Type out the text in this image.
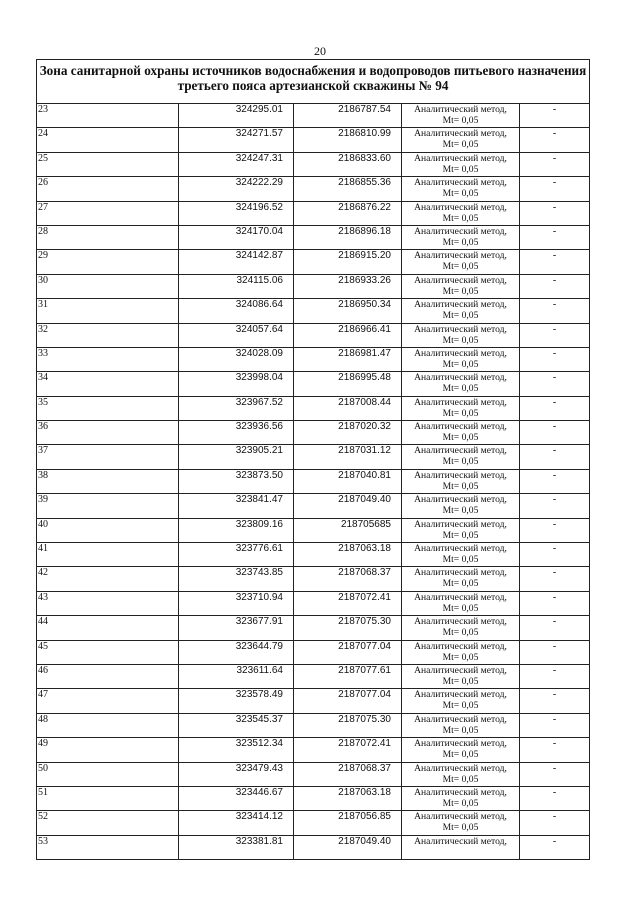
20
Зона санитарной охраны источников водоснабжения и водопроводов питьевого назначения
третьего пояса артезианской скважины № 94				

23	324295.01	2186787.54	Аналитический метод,
Mt= 0,05	-
24	324271.57	2186810.99	Аналитический метод,
Mt= 0,05	-
25	324247.31	2186833.60	Аналитический метод,
Mt= 0,05	-
26	324222.29	2186855.36	Аналитический метод,
Mt= 0,05	-
27	324196.52	2186876.22	Аналитический метод,
Mt= 0,05	-
28	324170.04	2186896.18	Аналитический метод,
Mt= 0,05	-
29	324142.87	2186915.20	Аналитический метод,
Mt= 0,05	-
30	324115.06	2186933.26	Аналитический метод,
Mt= 0,05	-
31	324086.64	2186950.34	Аналитический метод,
Mt= 0,05	-
32	324057.64	2186966.41	Аналитический метод,
Mt= 0,05	-
33	324028.09	2186981.47	Аналитический метод,
Mt= 0,05	-
34	323998.04	2186995.48	Аналитический метод,
Mt= 0,05	-
35	323967.52	2187008.44	Аналитический метод,
Mt= 0,05	-
36	323936.56	2187020.32	Аналитический метод,
Mt= 0,05	-
37	323905.21	2187031.12	Аналитический метод,
Mt= 0,05	-
38	323873.50	2187040.81	Аналитический метод,
Mt= 0,05	-
39	323841.47	2187049.40	Аналитический метод,
Mt= 0,05	-
40	323809.16	218705685	Аналитический метод,
Mt= 0,05	-
41	323776.61	2187063.18	Аналитический метод,
Mt= 0,05	-
42	323743.85	2187068.37	Аналитический метод,
Mt= 0,05	-
43	323710.94	2187072.41	Аналитический метод,
Mt= 0,05	-
44	323677.91	2187075.30	Аналитический метод,
Mt= 0,05	-
45	323644.79	2187077.04	Аналитический метод,
Mt= 0,05	-
46	323611.64	2187077.61	Аналитический метод,
Mt= 0,05	-
47	323578.49	2187077.04	Аналитический метод,
Mt= 0,05	-
48	323545.37	2187075.30	Аналитический метод,
Mt= 0,05	-
49	323512.34	2187072.41	Аналитический метод,
Mt= 0,05	-
50	323479.43	2187068.37	Аналитический метод,
Mt= 0,05	-
51	323446.67	2187063.18	Аналитический метод,
Mt= 0,05	-
52	323414.12	2187056.85	Аналитический метод,
Mt= 0,05	-
53	323381.81	2187049.40	Аналитический метод,	-
